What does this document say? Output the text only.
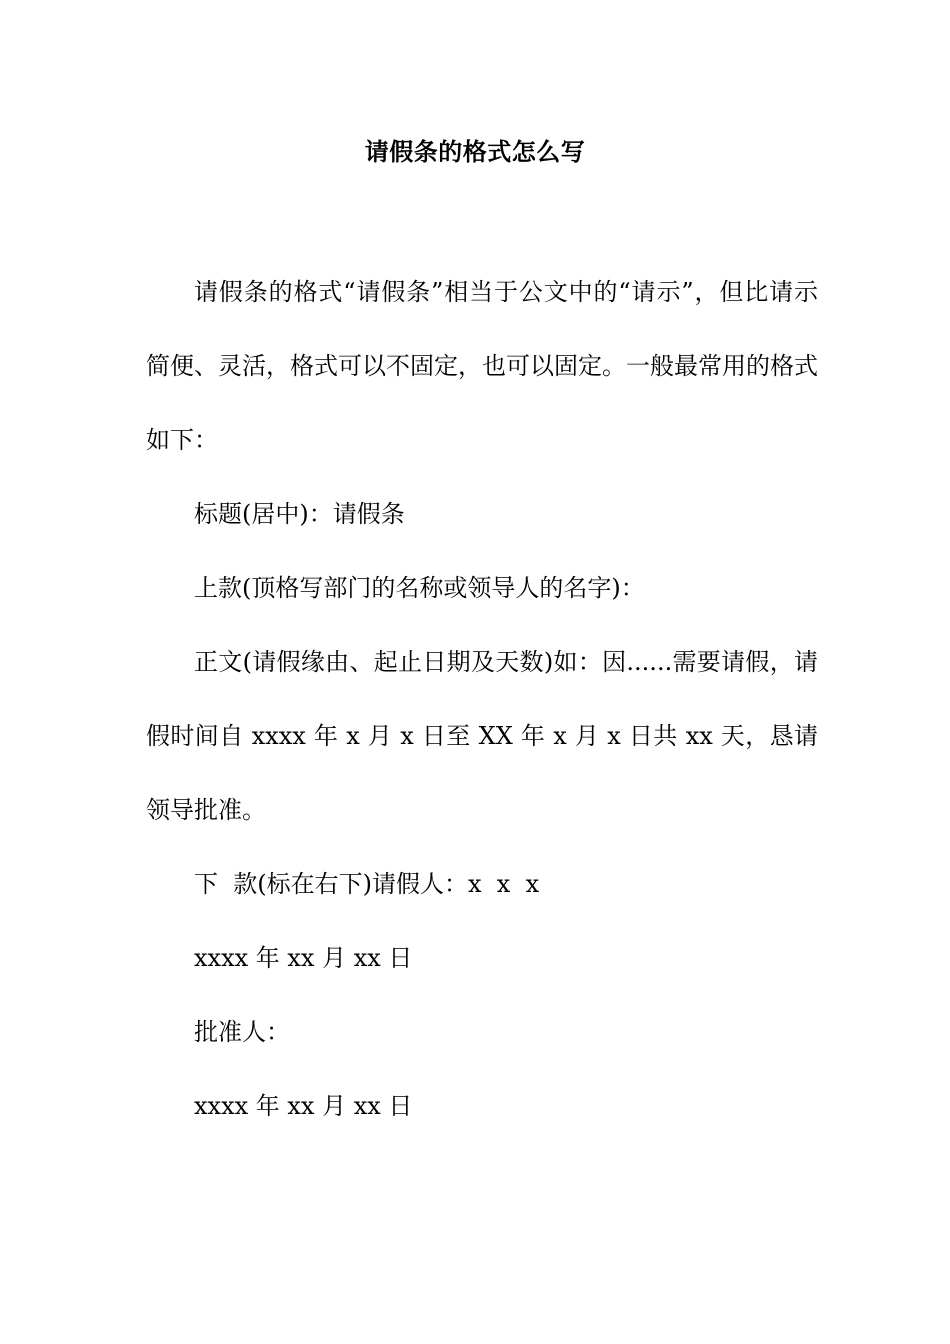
请假条的格式怎么写

请假条的格式“请假条”相当于公文中的“请示”，但比请示简便、灵活，格式可以不固定，也可以固定。一般最常用的格式如下：

标题(居中)：请假条

上款(顶格写部门的名称或领导人的名字)：

正文(请假缘由、起止日期及天数)如：因......需要请假，请假时间自 xxxx 年 x 月 x 日至 XX 年 x 月 x 日共 xx 天，恳请领导批准。

下  款(标在右下)请假人：x  x  x

xxxx 年 xx 月 xx 日

批准人：

xxxx 年 xx 月 xx 日
